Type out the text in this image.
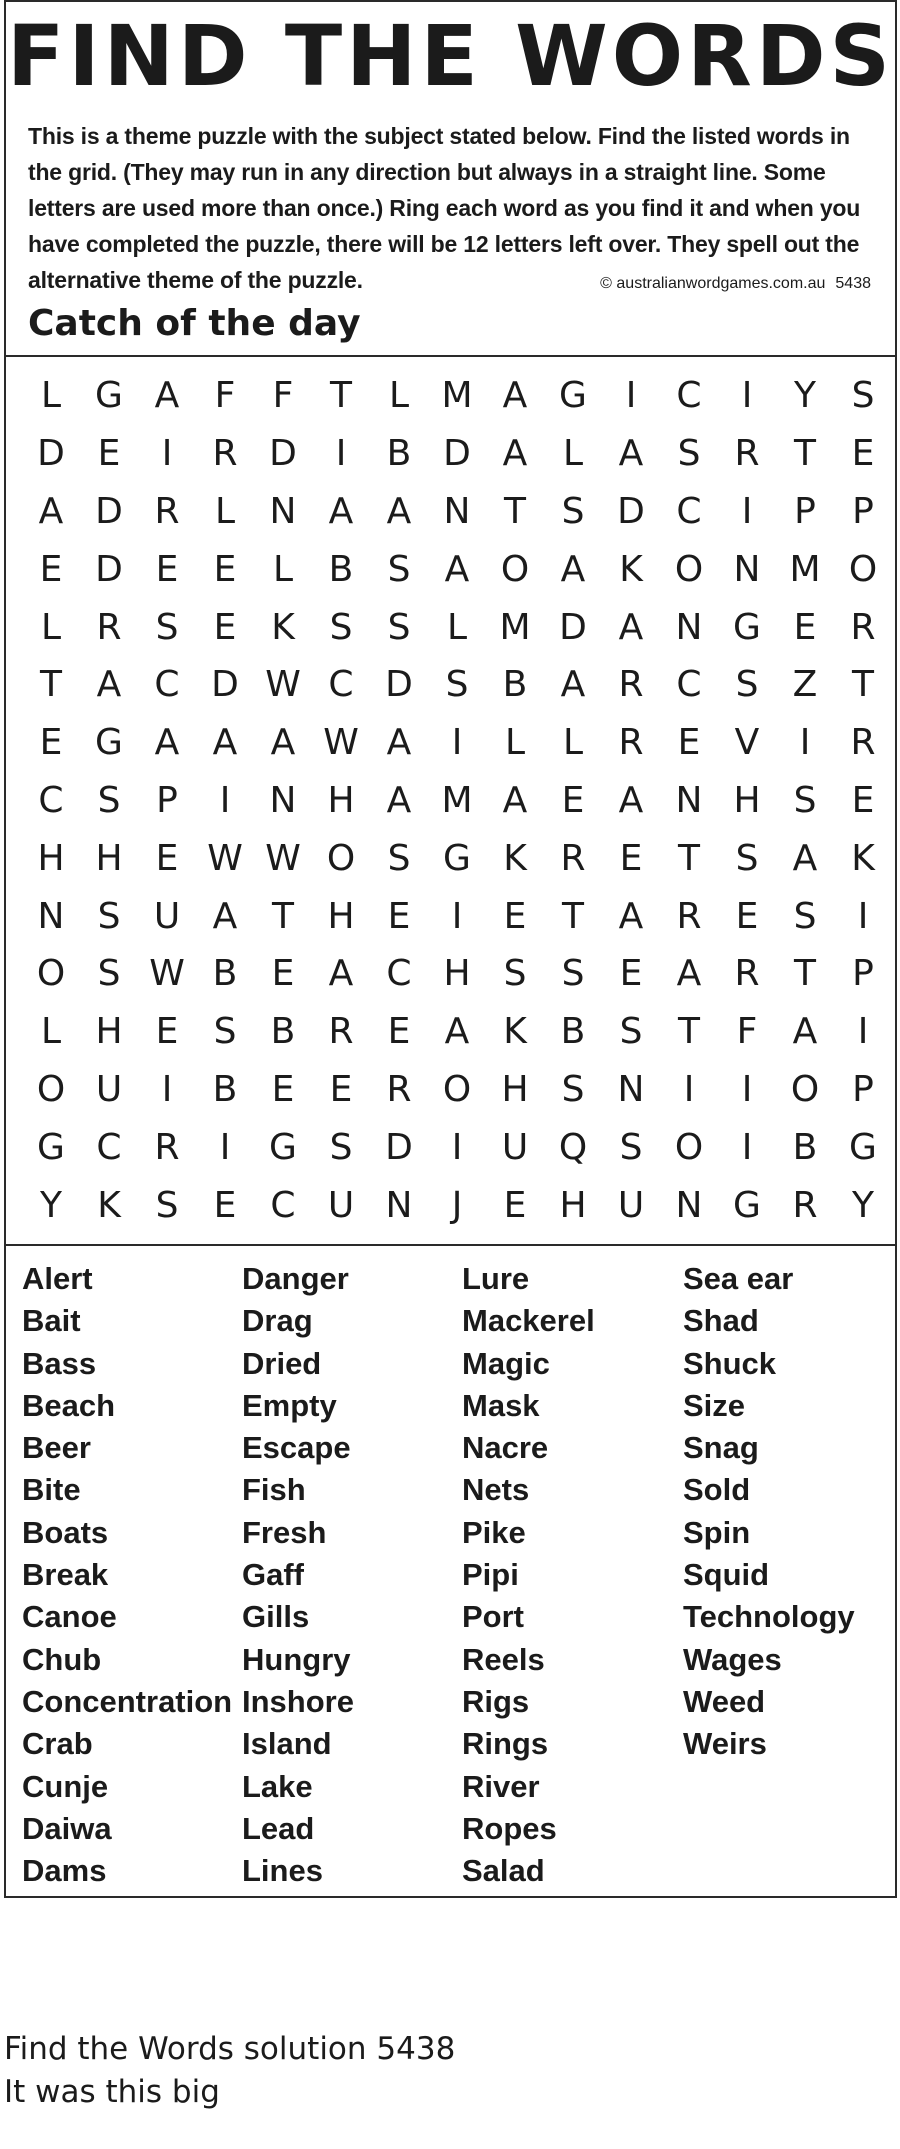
FIND THE WORDS
This is a theme puzzle with the subject stated below. Find the listed words in the grid. (They may run in any direction but always in a straight line. Some letters are used more than once.) Ring each word as you find it and when you have completed the puzzle, there will be 12 letters left over. They spell out the alternative theme of the puzzle.	© australianwordgames.com.au 5438
Catch of the day
L G A F	F	T	L M A G	I	C	I	Y S
D E	I	R D	I	B D A L A S R T E
A D R L N A A N T S D C	I	P	P
E D E E	L B S A O A K O N M O
L R S E K S S	L M D A N G E R
T A C D W C D S B A R C S Z T
E G A A A W A	I	L	L R E V	I	R
C S P	I	N H A M A E A N H S E
H H E W W O S G K R E T S A K
N S U A T H E	I	E T A R E S	I
O S W B E A C H S S E A R T	P
L H E S B R E A K B S T	F A	I
O U	I	B E E R O H S N	I	I	O P
G C R	I	G S D	I	U Q S O	I	B G
Y K S E C U N	J	E H U N G R Y
Alert
Bait
Bass
Beach
Beer
Bite
Boats
Break
Canoe
Chub
Concentration
Crab
Cunje
Daiwa
Dams
Danger
Drag
Dried
Empty
Escape
Fish
Fresh
Gaff
Gills
Hungry
Inshore
Island
Lake
Lead
Lines
Lure
Mackerel
Magic
Mask
Nacre
Nets
Pike
Pipi
Port
Reels
Rigs
Rings
River
Ropes
Salad
Sea ear
Shad
Shuck
Size
Snag
Sold
Spin
Squid
Technology
Wages
Weed
Weirs
Find the Words solution 5438
It was this big
